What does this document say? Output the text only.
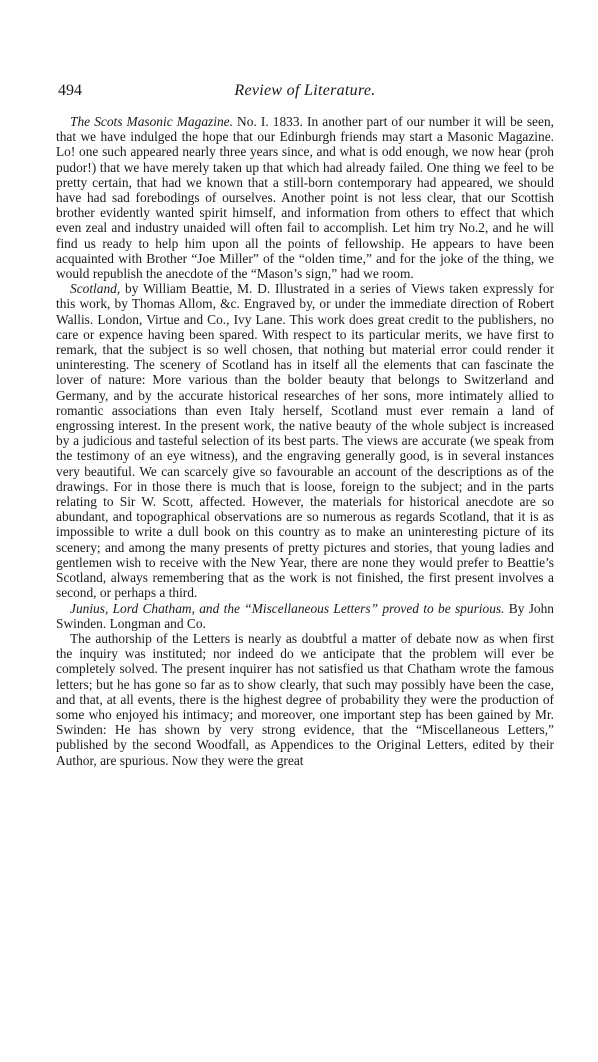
494	Review of Literature.

The Scots Masonic Magazine. No. I. 1833. In another part of our number it will be seen, that we have indulged the hope that our Edinburgh friends may start a Masonic Magazine. Lo! one such appeared nearly three years since, and what is odd enough, we now hear (proh pudor!) that we have merely taken up that which had already failed. One thing we feel to be pretty certain, that had we known that a still-born contemporary had appeared, we should have had sad forebodings of ourselves. Another point is not less clear, that our Scottish brother evidently wanted spirit himself, and information from others to effect that which even zeal and industry unaided will often fail to accomplish. Let him try No.2, and he will find us ready to help him upon all the points of fellowship. He appears to have been acquainted with Brother “Joe Miller” of the “olden time,” and for the joke of the thing, we would republish the anecdote of the “Mason’s sign,” had we room.

Scotland, by William Beattie, M. D. Illustrated in a series of Views taken expressly for this work, by Thomas Allom, &c. Engraved by, or under the immediate direction of Robert Wallis. London, Virtue and Co., Ivy Lane. This work does great credit to the publishers, no care or expence having been spared. With respect to its particular merits, we have first to remark, that the subject is so well chosen, that nothing but material error could render it uninteresting. The scenery of Scotland has in itself all the elements that can fascinate the lover of nature: More various than the bolder beauty that belongs to Switzerland and Germany, and by the accurate historical researches of her sons, more intimately allied to romantic associations than even Italy herself, Scotland must ever remain a land of engrossing interest. In the present work, the native beauty of the whole subject is increased by a judicious and tasteful selection of its best parts. The views are accurate (we speak from the testimony of an eye witness), and the engraving generally good, is in several instances very beautiful. We can scarcely give so favourable an account of the descriptions as of the drawings. For in those there is much that is loose, foreign to the subject; and in the parts relating to Sir W. Scott, affected. However, the materials for historical anecdote are so abundant, and topographical observations are so numerous as regards Scotland, that it is as impossible to write a dull book on this country as to make an uninteresting picture of its scenery; and among the many presents of pretty pictures and stories, that young ladies and gentlemen wish to receive with the New Year, there are none they would prefer to Beattie’s Scotland, always remembering that as the work is not finished, the first present involves a second, or perhaps a third.

Junius, Lord Chatham, and the “Miscellaneous Letters” proved to be spurious. By John Swinden. Longman and Co.

The authorship of the Letters is nearly as doubtful a matter of debate now as when first the inquiry was instituted; nor indeed do we anticipate that the problem will ever be completely solved. The present inquirer has not satisfied us that Chatham wrote the famous letters; but he has gone so far as to show clearly, that such may possibly have been the case, and that, at all events, there is the highest degree of probability they were the production of some who enjoyed his intimacy; and moreover, one important step has been gained by Mr. Swinden: He has shown by very strong evidence, that the “Miscellaneous Letters,” published by the second Woodfall, as Appendices to the Original Letters, edited by their Author, are spurious. Now they were the great
